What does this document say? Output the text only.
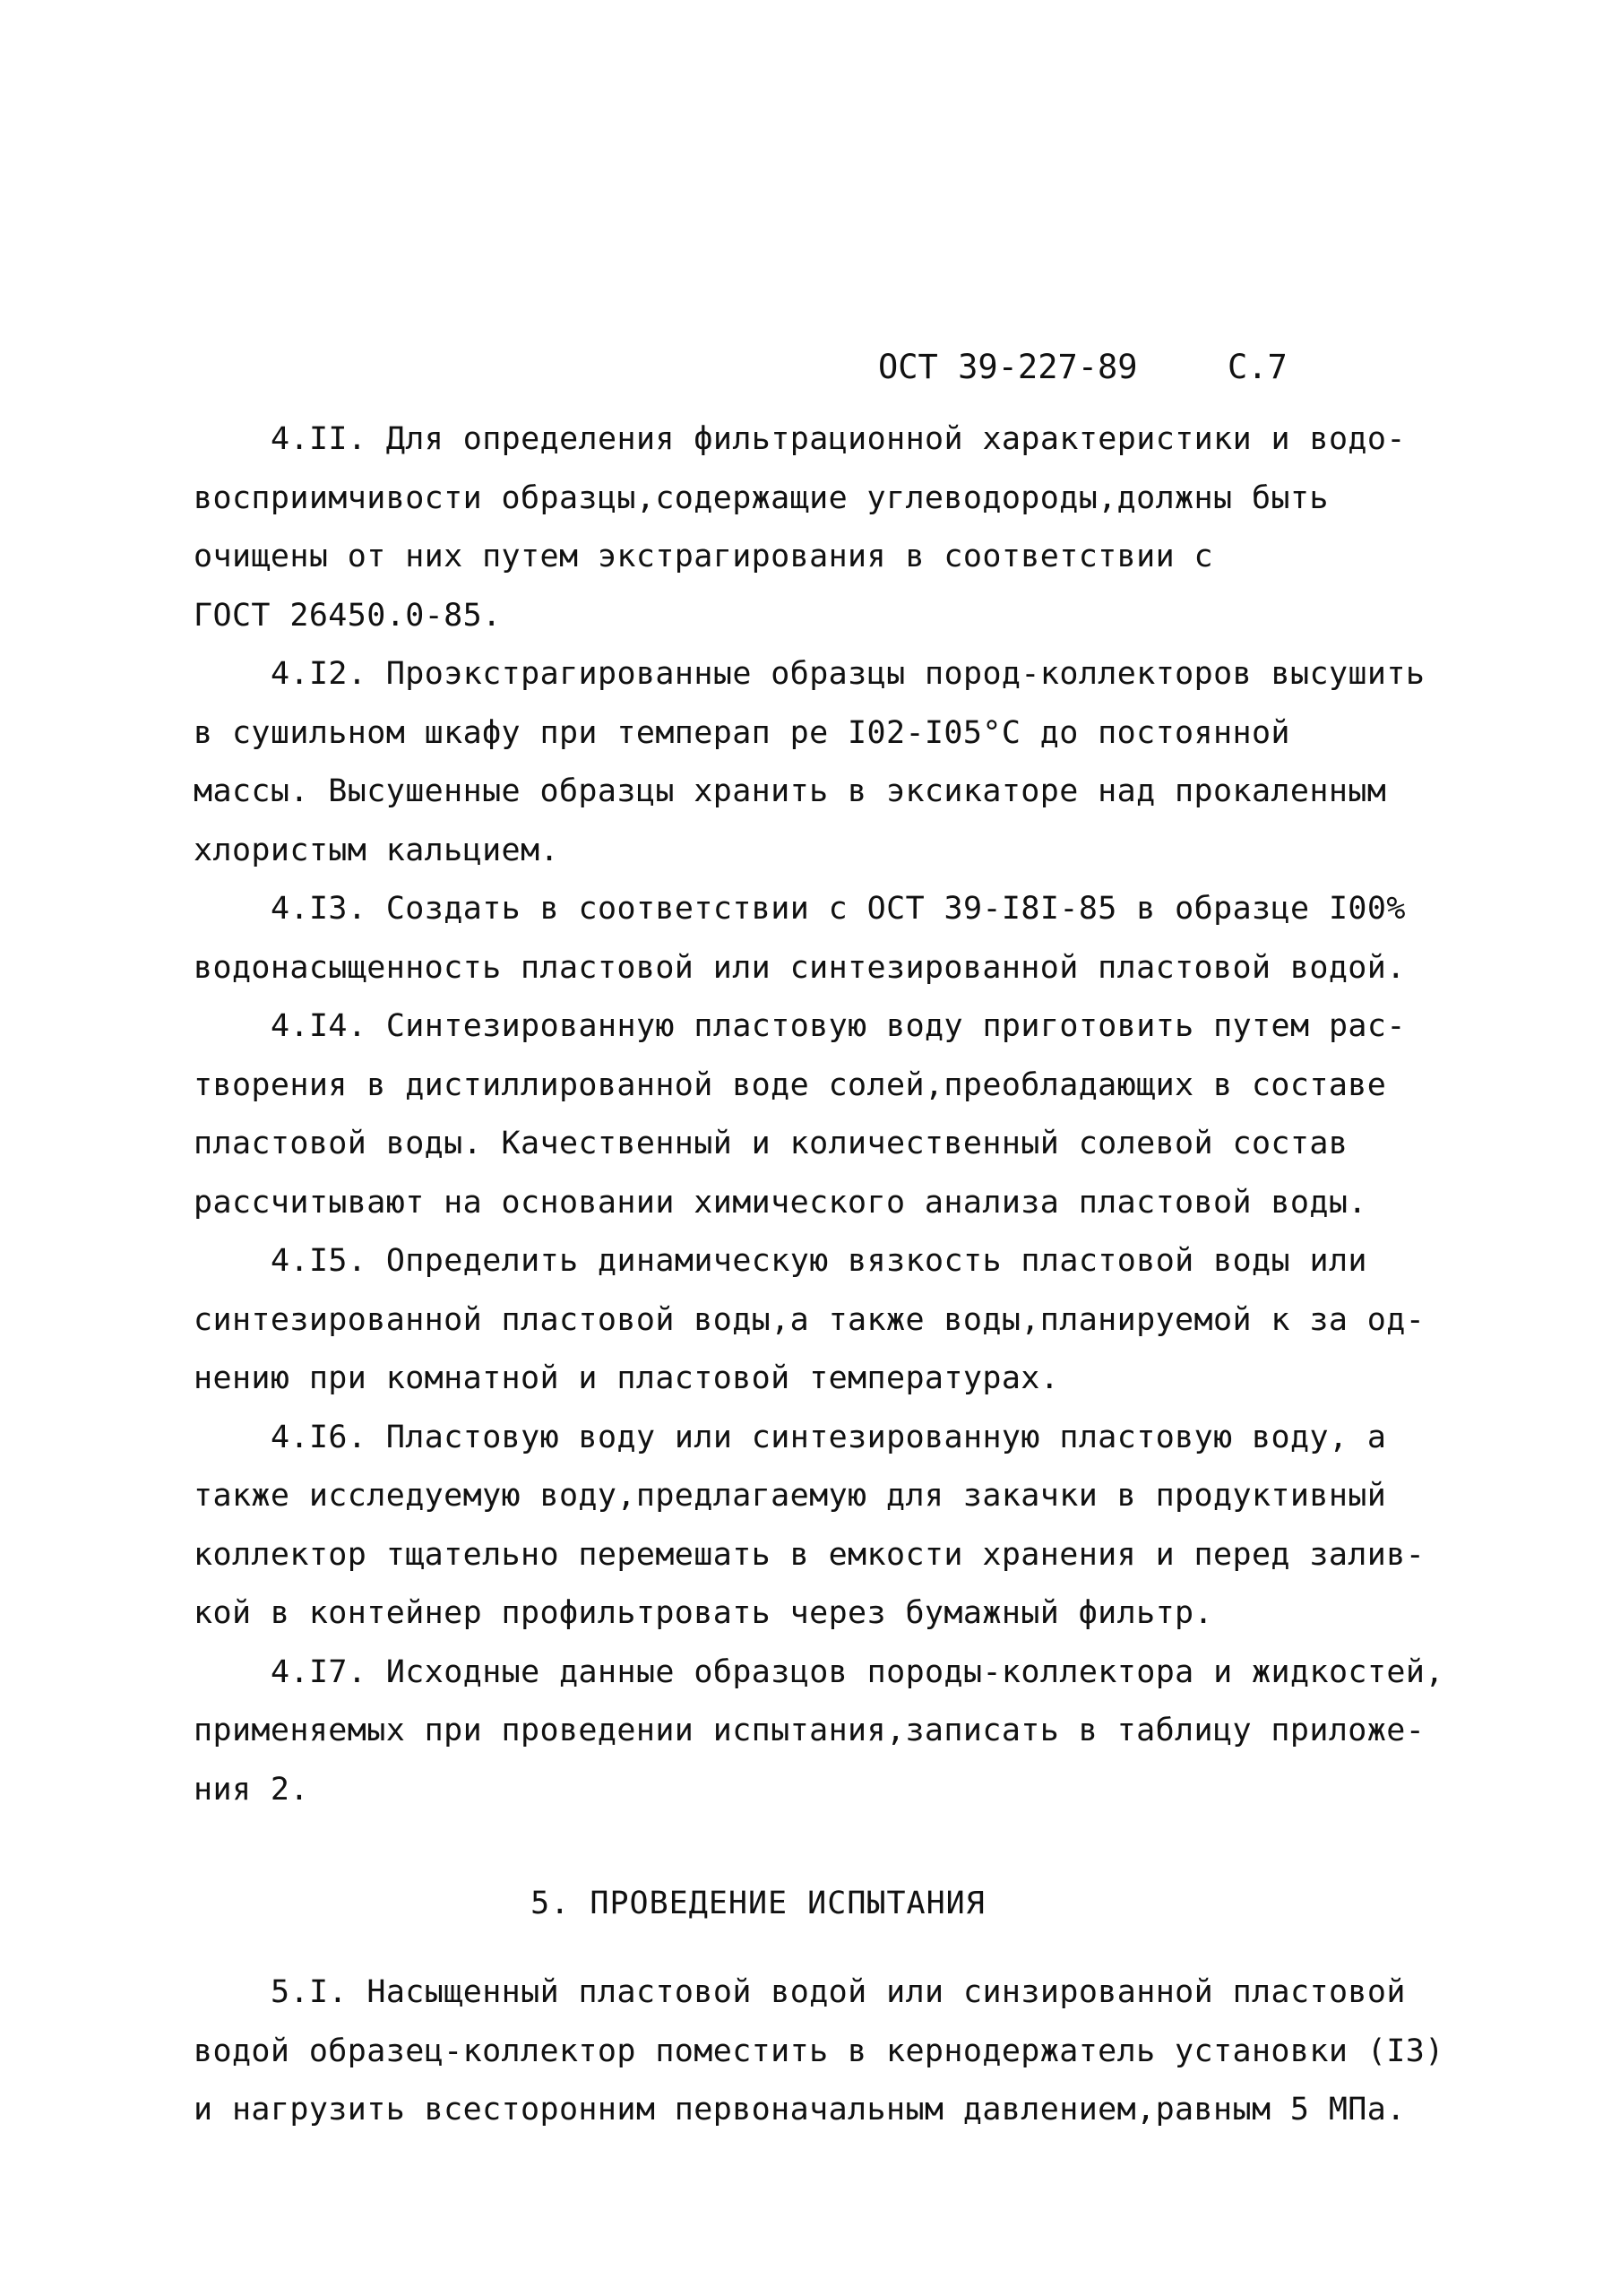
ОСТ 39-227-89	С.7
4.II. Для определения фильтрационной характеристики и водо-
восприимчивости образцы,содержащие углеводороды,должны быть
очищены от них путем экстрагирования в соответствии с
ГОСТ 26450.0-85.
4.I2. Проэкстрагированные образцы пород-коллекторов высушить
в сушильном шкафу при темперап ре I02-I05°С до постоянной
массы. Высушенные образцы хранить в эксикаторе над прокаленным
хлористым кальцием.
4.I3. Создать в соответствии с ОСТ 39-I8I-85 в образце I00%
водонасыщенность пластовой или синтезированной пластовой водой.
4.I4. Синтезированную пластовую воду приготовить путем рас-
творения в дистиллированной воде солей,преобладающих в составе
пластовой воды. Качественный и количественный солевой состав
рассчитывают на основании химического анализа пластовой воды.
4.I5. Определить динамическую вязкость пластовой воды или
синтезированной пластовой воды,а также воды,планируемой к за од-
нению при комнатной и пластовой температурах.
4.I6. Пластовую воду или синтезированную пластовую воду, а
также исследуемую воду,предлагаемую для закачки в продуктивный
коллектор тщательно перемешать в емкости хранения и перед залив-
кой в контейнер профильтровать через бумажный фильтр.
4.I7. Исходные данные образцов породы-коллектора и жидкостей,
применяемых при проведении испытания,записать в таблицу приложе-
ния 2.
5. ПРОВЕДЕНИЕ ИСПЫТАНИЯ
5.I. Насыщенный пластовой водой или синзированной пластовой
водой образец-коллектор поместить в кернодержатель установки (I3)
и нагрузить всесторонним первоначальным давлением,равным 5 МПа.
